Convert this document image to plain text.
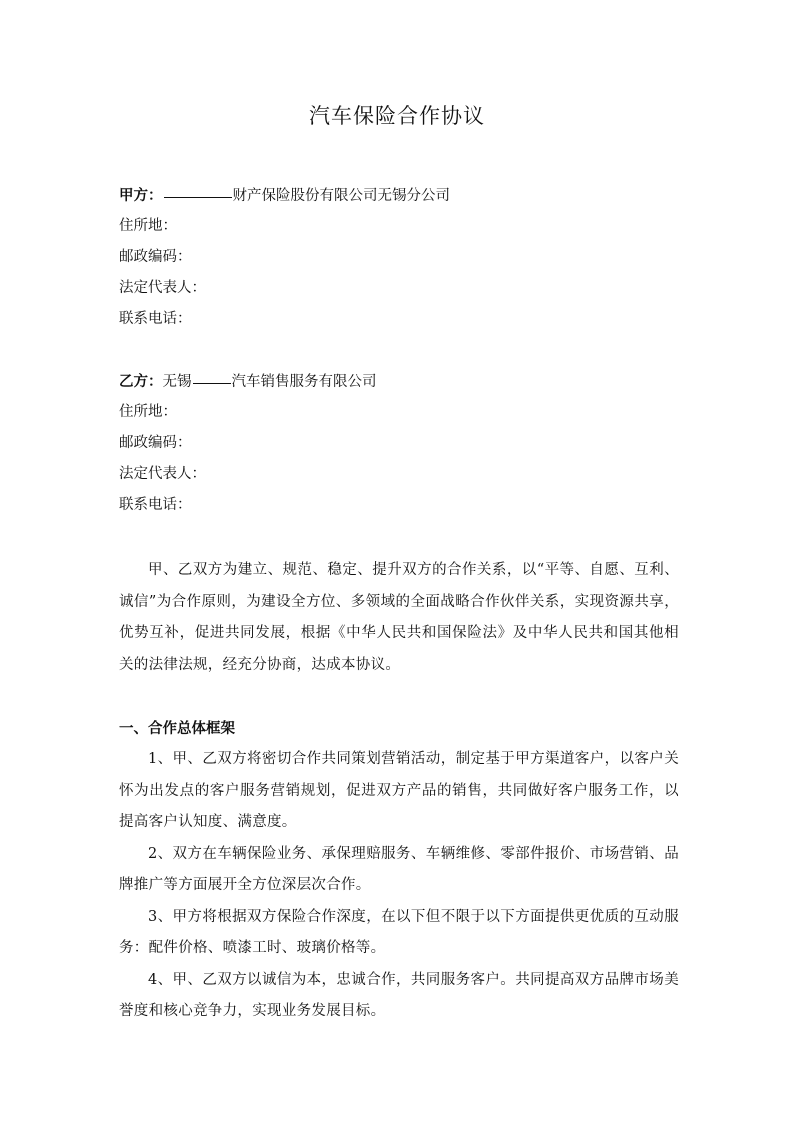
汽车保险合作协议
甲方：	财产保险股份有限公司无锡分公司
住所地：
邮政编码：
法定代表人：
联系电话：
乙方：无锡	汽车销售服务有限公司
住所地：
邮政编码：
法定代表人：
联系电话：

甲、乙双方为建立、规范、稳定、提升双方的合作关系，以“平等、自愿、互利、诚信”为合作原则，为建设全方位、多领域的全面战略合作伙伴关系，实现资源共享，优势互补，促进共同发展，根据《中华人民共和国保险法》及中华人民共和国其他相关的法律法规，经充分协商，达成本协议。

一、合作总体框架

1、甲、乙双方将密切合作共同策划营销活动，制定基于甲方渠道客户，以客户关怀为出发点的客户服务营销规划，促进双方产品的销售，共同做好客户服务工作，以提高客户认知度、满意度。

2、双方在车辆保险业务、承保理赔服务、车辆维修、零部件报价、市场营销、品牌推广等方面展开全方位深层次合作。

3、甲方将根据双方保险合作深度，在以下但不限于以下方面提供更优质的互动服务：配件价格、喷漆工时、玻璃价格等。

4、甲、乙双方以诚信为本，忠诚合作，共同服务客户。共同提高双方品牌市场美誉度和核心竞争力，实现业务发展目标。
